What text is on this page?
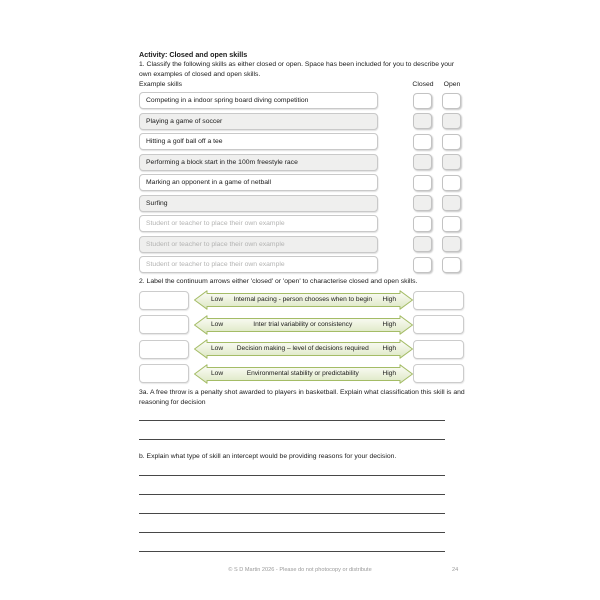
Activity: Closed and open skills
1. Classify the following skills as either closed or open. Space has been included for you to describe your own examples of closed and open skills.
Example skills	Closed	Open
Competing in a indoor spring board diving competition
Playing a game of soccer
Hitting a golf ball off a tee
Performing a block start in the 100m freestyle race
Marking an opponent in a game of netball
Surfing
Student or teacher to place their own example
Student or teacher to place their own example
Student or teacher to place their own example
2. Label the continuum arrows either 'closed' or 'open' to characterise closed and open skills.
Low	Internal pacing - person chooses when to begin	High
Low	Inter trial variability or consistency	High
Low	Decision making – level of decisions required	High
Low	Environmental stability or predictability	High
3a. A free throw is a penalty shot awarded to players in basketball. Explain what classification this skill is and reasoning for decision
b. Explain what type of skill an intercept would be providing reasons for your decision.
© S D Martin 2026 - Please do not photocopy or distribute	24
